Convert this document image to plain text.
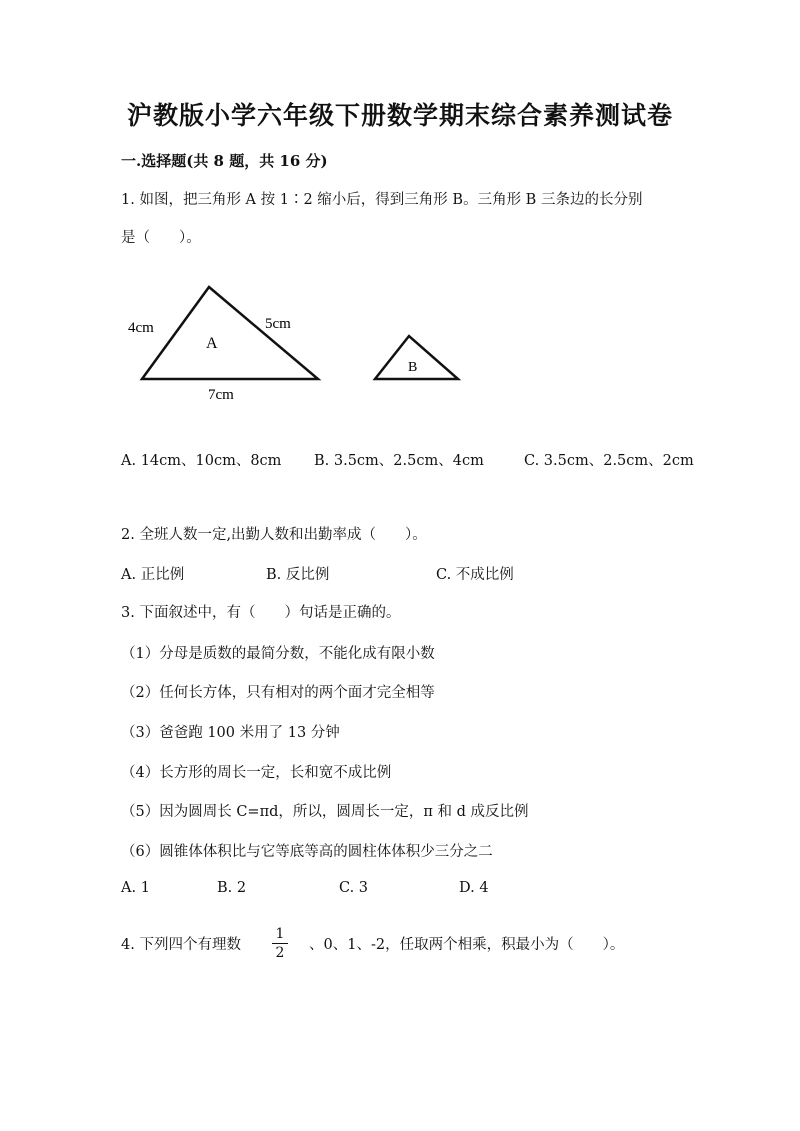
沪教版小学六年级下册数学期末综合素养测试卷
一.选择题(共 8 题，共 16 分)
1. 如图，把三角形 A 按 1∶2 缩小后，得到三角形 B。三角形 B 三条边的长分别
是（　　）。
A
4cm	5cm
7cm
B
A. 14cm、10cm、8cm B. 3.5cm、2.5cm、4cm	C. 3.5cm、2.5cm、2cm
2. 全班人数一定,出勤人数和出勤率成（　　）。
A. 正比例	B. 反比例	C. 不成比例
3. 下面叙述中，有（　　）句话是正确的。
（1）分母是质数的最简分数，不能化成有限小数
（2）任何长方体，只有相对的两个面才完全相等
（3）爸爸跑 100 米用了 13 分钟
（4）长方形的周长一定，长和宽不成比例
（5）因为圆周长 C=πd，所以，圆周长一定，π 和 d 成反比例
（6）圆锥体体积比与它等底等高的圆柱体体积少三分之二
A. 1	B. 2	C. 3	D. 4
4. 下列四个有理数
1
2	、0、1、-2，任取两个相乘，积最小为（　　）。
